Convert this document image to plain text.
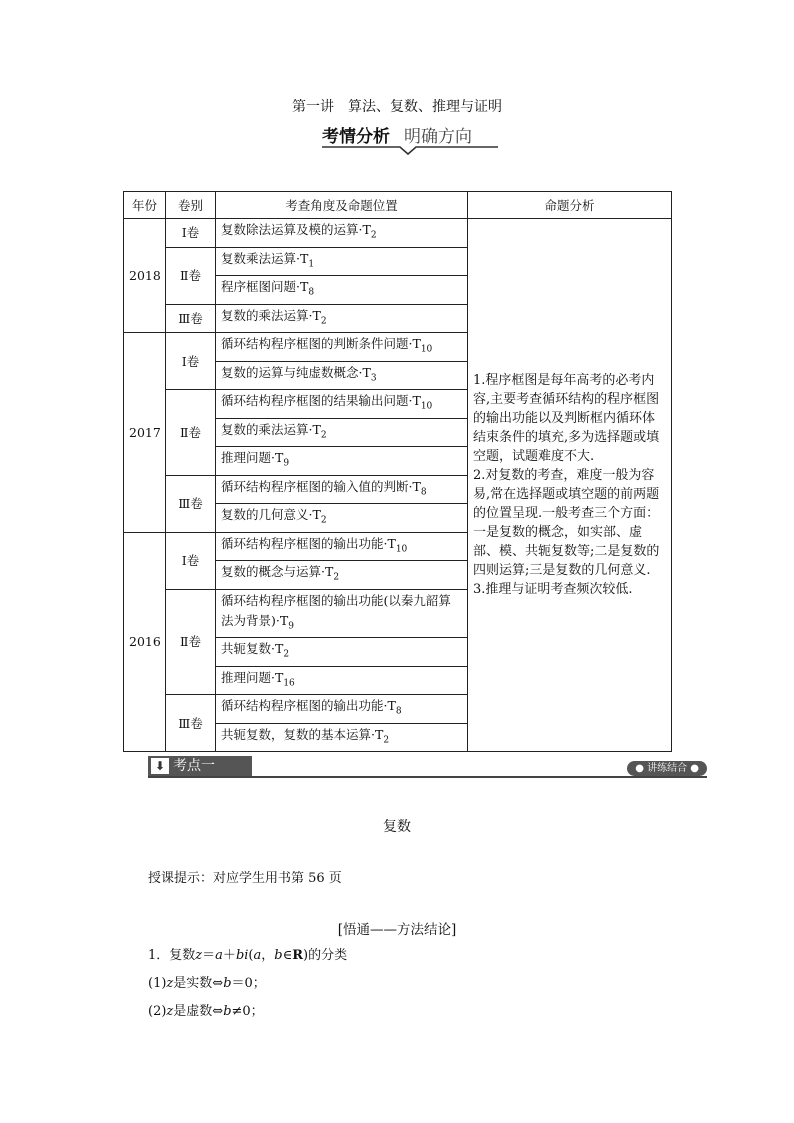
第一讲　算法、复数、推理与证明
考情分析 明确方向
年份	卷别	考查角度及命题位置	命题分析
2018	Ⅰ卷	复数除法运算及模的运算$\cdot T_2$	1.程序框图是每年高考的必考内容,主要考查循环结构的程序框图的输出功能以及判断框内循环体结束条件的填充,多为选择题或填空题，试题难度不大.

2.对复数的考查，难度一般为容易,常在选择题或填空题的前两题的位置呈现.一般考查三个方面：一是复数的概念，如实部、虚部、模、共轭复数等;二是复数的四则运算;三是复数的几何意义.

3.推理与证明考查频次较低.

	Ⅱ卷	复数乘法运算$\cdot T_1$
		程序框图问题$\cdot T_8$
	Ⅲ卷	复数的乘法运算$\cdot T_2$
2017	Ⅰ卷	循环结构程序框图的判断条件问题$\cdot T_{10}$
		复数的运算与纯虚数概念$\cdot T_3$
	Ⅱ卷	循环结构程序框图的结果输出问题$\cdot T_{10}$
		复数的乘法运算$\cdot T_2$
		推理问题$\cdot T_9$
	Ⅲ卷	循环结构程序框图的输入值的判断$\cdot T_8$
		复数的几何意义$\cdot T_2$
2016	Ⅰ卷	循环结构程序框图的输出功能$\cdot T_{10}$
		复数的概念与运算$\cdot T_2$
	Ⅱ卷	循环结构程序框图的输出功能(以秦九韶算法为背景)$\cdot T_9$
		共轭复数$\cdot T_2$
		推理问题$\cdot T_{16}$
	Ⅲ卷	循环结构程序框图的输出功能$\cdot T_8$
		共轭复数，复数的基本运算$\cdot T_2$
⬇ 考点一	● 讲练结合 ●
复数
授课提示：对应学生用书第 56 页
[悟通——方法结论]
1．复数z＝a＋bi(a，b∈R)的分类
(1)z是实数⇔b＝0；
(2)z是虚数⇔b≠0；
